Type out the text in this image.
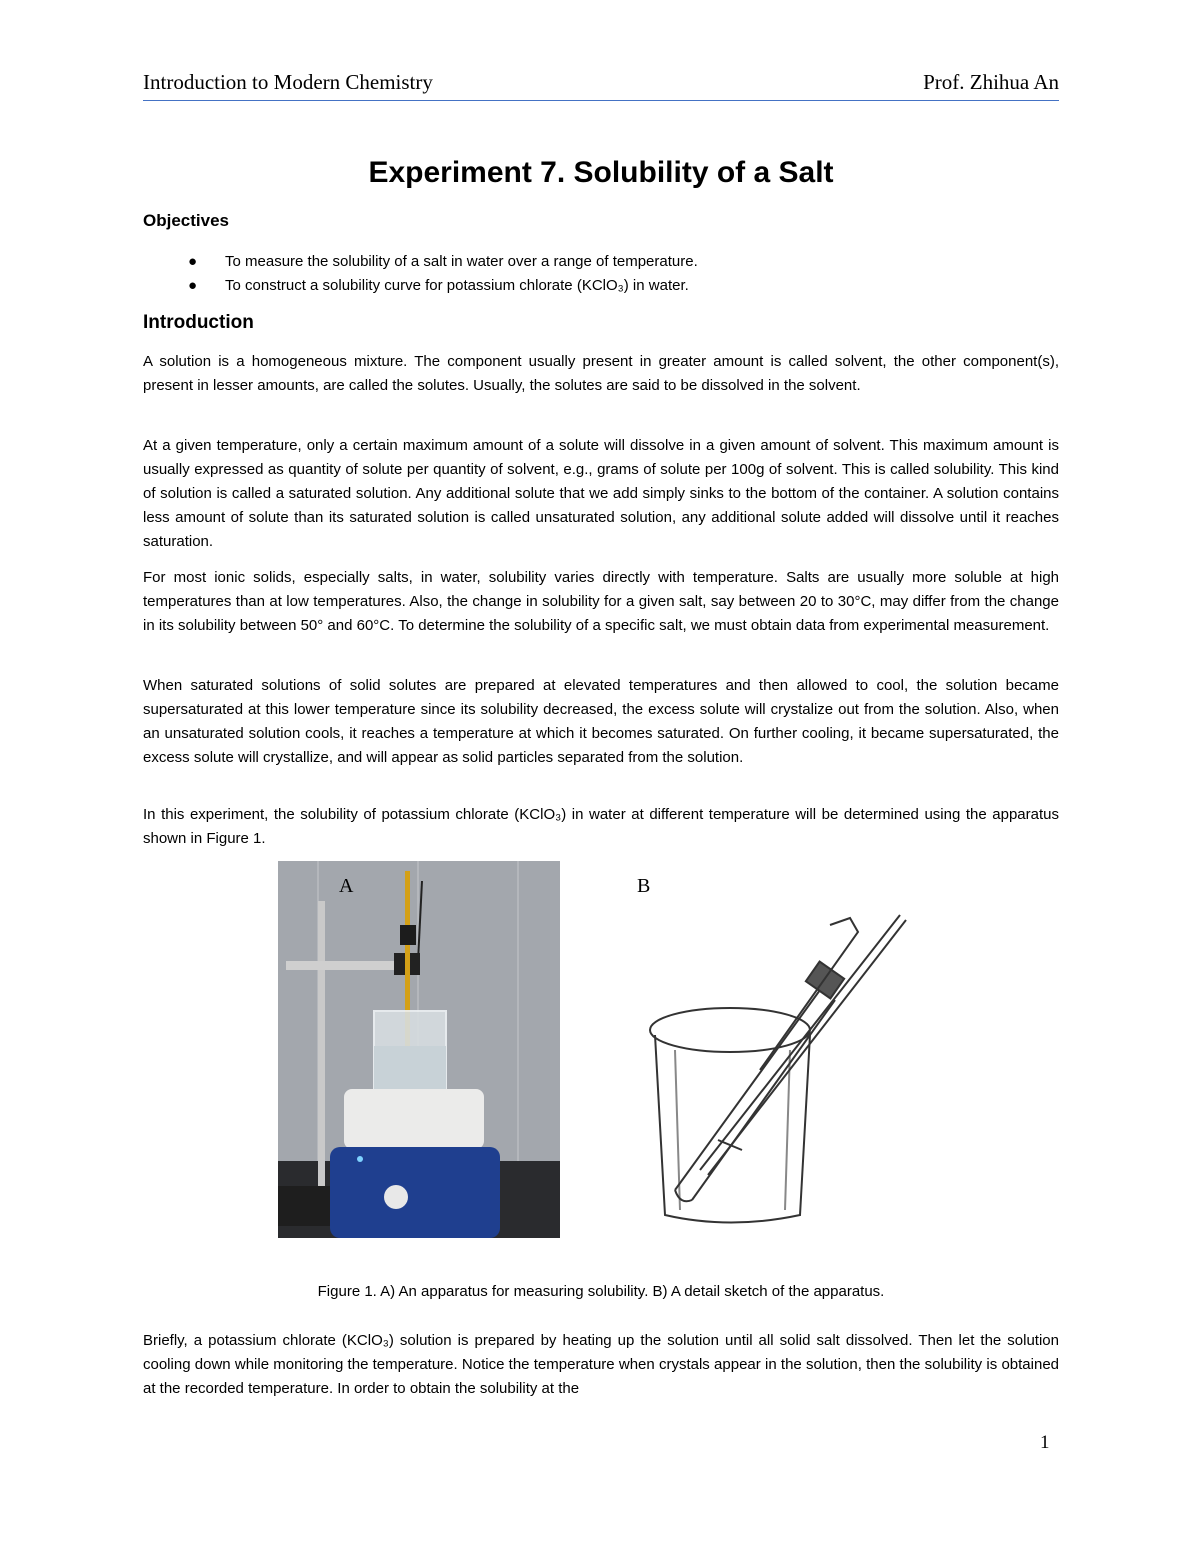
Introduction to Modern Chemistry	Prof. Zhihua An
Experiment 7. Solubility of a Salt
Objectives
● To measure the solubility of a salt in water over a range of temperature.
● To construct a solubility curve for potassium chlorate (KClO₃) in water.
Introduction

A solution is a homogeneous mixture. The component usually present in greater amount is called solvent, the other component(s), present in lesser amounts, are called the solutes. Usually, the solutes are said to be dissolved in the solvent.

At a given temperature, only a certain maximum amount of a solute will dissolve in a given amount of solvent. This maximum amount is usually expressed as quantity of solute per quantity of solvent, e.g., grams of solute per 100g of solvent. This is called solubility. This kind of solution is called a saturated solution. Any additional solute that we add simply sinks to the bottom of the container. A solution contains less amount of solute than its saturated solution is called unsaturated solution, any additional solute added will dissolve until it reaches saturation.

For most ionic solids, especially salts, in water, solubility varies directly with temperature. Salts are usually more soluble at high temperatures than at low temperatures. Also, the change in solubility for a given salt, say between 20 to 30°C, may differ from the change in its solubility between 50° and 60°C. To determine the solubility of a specific salt, we must obtain data from experimental measurement.

When saturated solutions of solid solutes are prepared at elevated temperatures and then allowed to cool, the solution became supersaturated at this lower temperature since its solubility decreased, the excess solute will crystalize out from the solution. Also, when an unsaturated solution cools, it reaches a temperature at which it becomes saturated. On further cooling, it became supersaturated, the excess solute will crystallize, and will appear as solid particles separated from the solution.

In this experiment, the solubility of potassium chlorate (KClO₃) in water at different temperature will be determined using the apparatus shown in Figure 1.

A	B
Figure 1. A) An apparatus for measuring solubility. B) A detail sketch of the apparatus.

Briefly, a potassium chlorate (KClO₃) solution is prepared by heating up the solution until all solid salt dissolved. Then let the solution cooling down while monitoring the temperature. Notice the temperature when crystals appear in the solution, then the solubility is obtained at the recorded temperature. In order to obtain the solubility at the

1
